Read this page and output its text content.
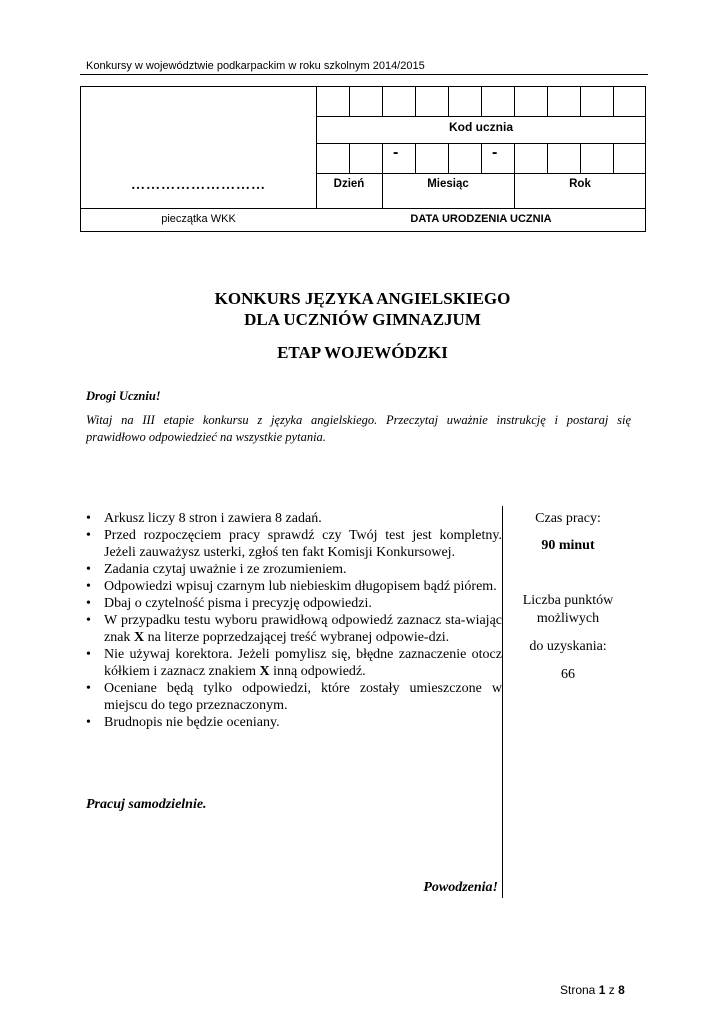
Konkursy w województwie podkarpackim w roku szkolnym 2014/2015
Kod ucznia
-	-
Dzień	Miesiąc	Rok
………………………
pieczątka WKK	DATA URODZENIA UCZNIA
KONKURS JĘZYKA ANGIELSKIEGO
DLA UCZNIÓW GIMNAZJUM
ETAP WOJEWÓDZKI
Drogi Uczniu!
Witaj na III etapie konkursu z języka angielskiego. Przeczytaj uważnie instrukcję i postaraj się
prawidłowo odpowiedzieć na wszystkie pytania.
• Arkusz liczy 8 stron i zawiera 8 zadań.
• Przed rozpoczęciem pracy sprawdź czy Twój test jest kompletny. Jeżeli zauważysz usterki, zgłoś ten fakt Komisji Konkursowej.
• Zadania czytaj uważnie i ze zrozumieniem.
• Odpowiedzi wpisuj czarnym lub niebieskim długopisem bądź piórem.
• Dbaj o czytelność pisma i precyzję odpowiedzi.
• W przypadku testu wyboru prawidłową odpowiedź zaznacz sta-wiając znak X na literze poprzedzającej treść wybranej odpowie-dzi.
• Nie używaj korektora. Jeżeli pomylisz się, błędne zaznaczenie otocz kółkiem i zaznacz znakiem X inną odpowiedź.
• Oceniane będą tylko odpowiedzi, które zostały umieszczone w miejscu do tego przeznaczonym.
• Brudnopis nie będzie oceniany.
Pracuj samodzielnie.
Powodzenia!
Czas pracy:
90 minut
Liczba punktów
możliwych
do uzyskania:
66
Strona 1 z 8
